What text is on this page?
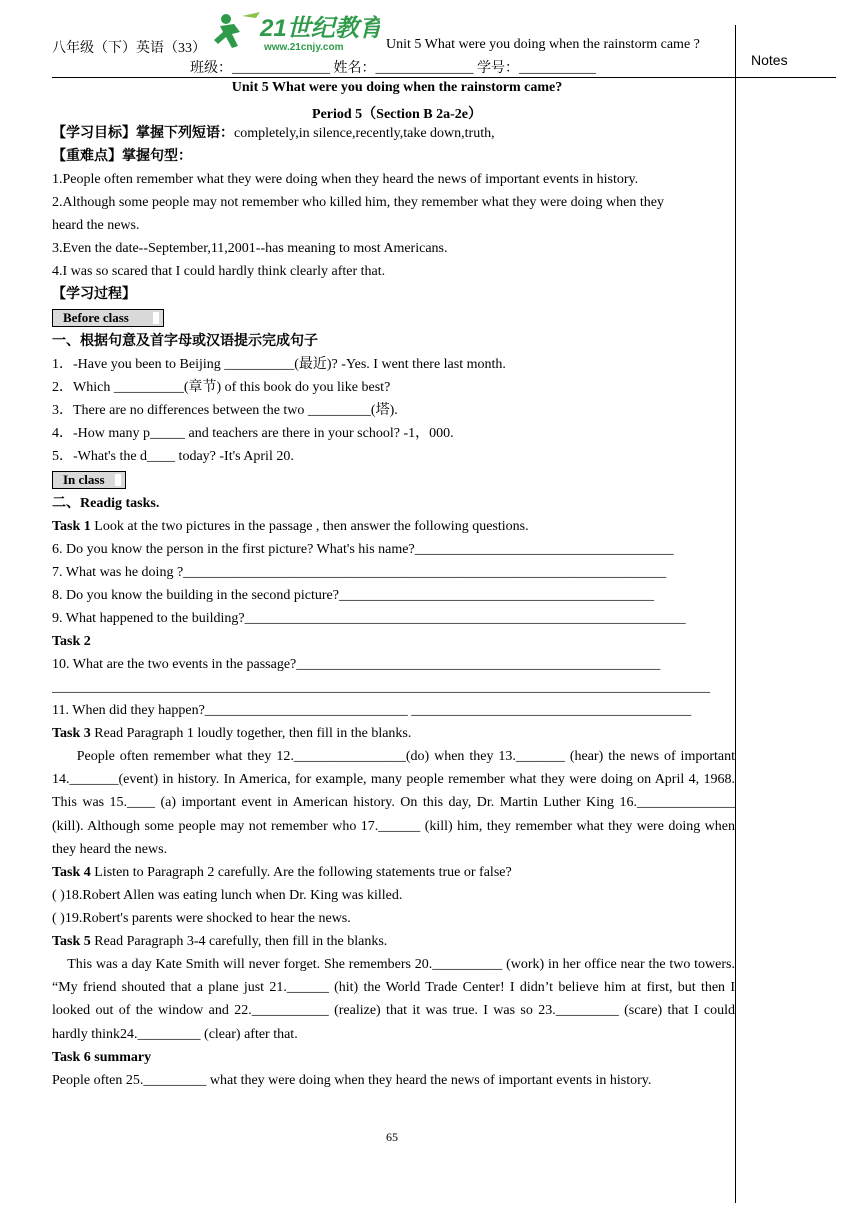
八年级（下）英语（33）
21世纪教育
www.21cnjy.com	Unit 5 What were you doing when the rainstorm came ?
班级：______________ 姓名：______________ 学号：___________
Notes
Unit 5 What were you doing when the rainstorm came?
Period 5（Section B 2a-2e）
【学习目标】掌握下列短语：completely,in silence,recently,take down,truth,
【重难点】掌握句型：
1.People often remember what they were doing when they heard the news of important events in history.
2.Although some people may not remember who killed him, they remember what they were doing when they
heard the news.
3.Even the date--September,11,2001--has meaning to most Americans.
4.I was so scared that I could hardly think clearly after that.
【学习过程】
Before class
一、根据句意及首字母或汉语提示完成句子
1．-Have you been to Beijing __________(最近)? -Yes. I went there last month.
2．Which __________(章节) of this book do you like best?
3．There are no differences between the two _________(塔).
4．-How many p_____ and teachers are there in your school? -1，000.
5．-What's the d____ today? -It's April 20.
In class
二、Readig tasks.
Task 1 Look at the two pictures in the passage , then answer the following questions.
6. Do you know the person in the first picture? What's his name?_____________________________________
7. What was he doing ?_____________________________________________________________________
8. Do you know the building in the second picture?_____________________________________________
9. What happened to the building?_______________________________________________________________
Task 2
10. What are the two events in the passage?____________________________________________________
______________________________________________________________________________________________
11. When did they happen?_____________________________ ________________________________________
Task 3 Read Paragraph 1 loudly together, then fill in the blanks.
People often remember what they 12.________________(do) when they 13._______ (hear) the news of important 14._______(event) in history. In America, for example, many people remember what they were doing on April 4, 1968. This was 15.____ (a) important event in American history. On this day, Dr. Martin Luther King 16.______________ (kill). Although some people may not remember who 17.______ (kill) him, they remember what they were doing when they heard the news.
Task 4 Listen to Paragraph 2 carefully. Are the following statements true or false?
( )18.Robert Allen was eating lunch when Dr. King was killed.
( )19.Robert's parents were shocked to hear the news.
Task 5 Read Paragraph 3-4 carefully, then fill in the blanks.
This was a day Kate Smith will never forget. She remembers 20.__________ (work) in her office near the two towers. “My friend shouted that a plane just 21.______ (hit) the World Trade Center! I didn’t believe him at first, but then I looked out of the window and 22.___________ (realize) that it was true. I was so 23._________ (scare) that I could hardly think24._________ (clear) after that.
Task 6 summary
People often 25._________ what they were doing when they heard the news of important events in history.
65
